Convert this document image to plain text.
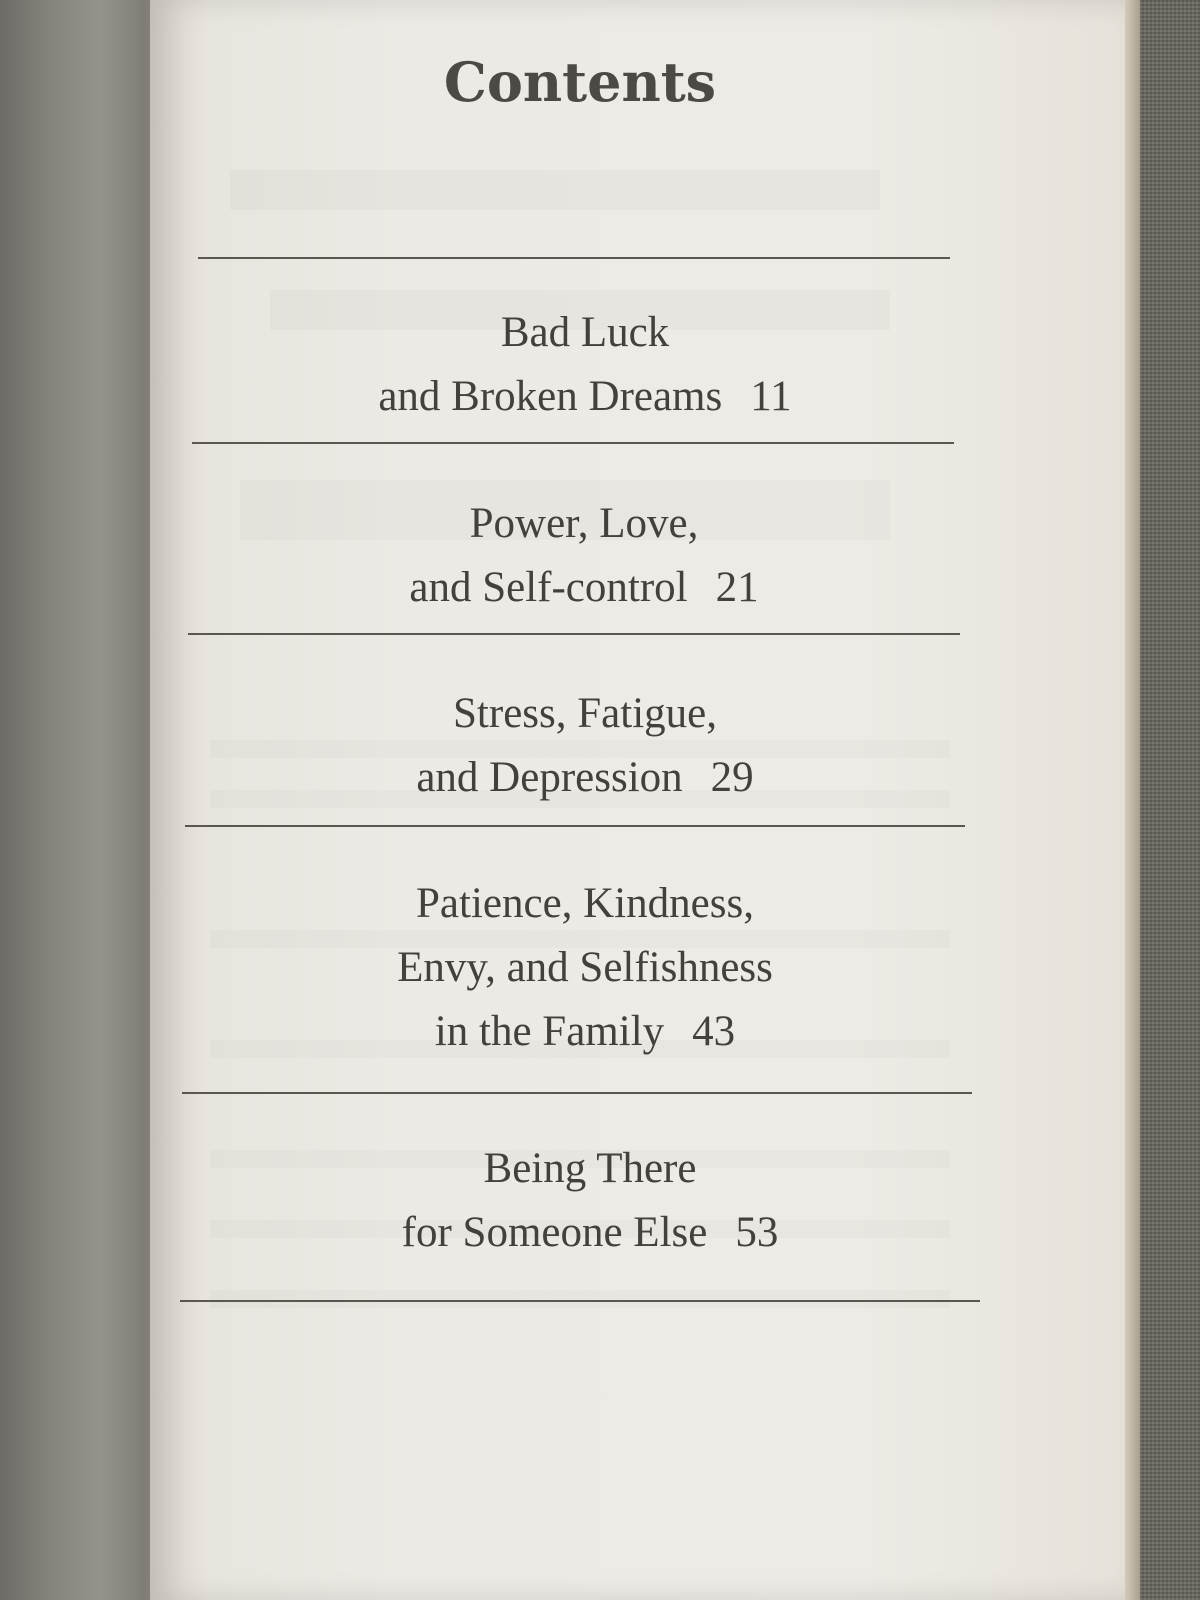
Contents
Bad Luck
and Broken Dreams 11
Power, Love,
and Self-control 21
Stress, Fatigue,
and Depression 29
Patience, Kindness,
Envy, and Selfishness
in the Family 43
Being There
for Someone Else 53
